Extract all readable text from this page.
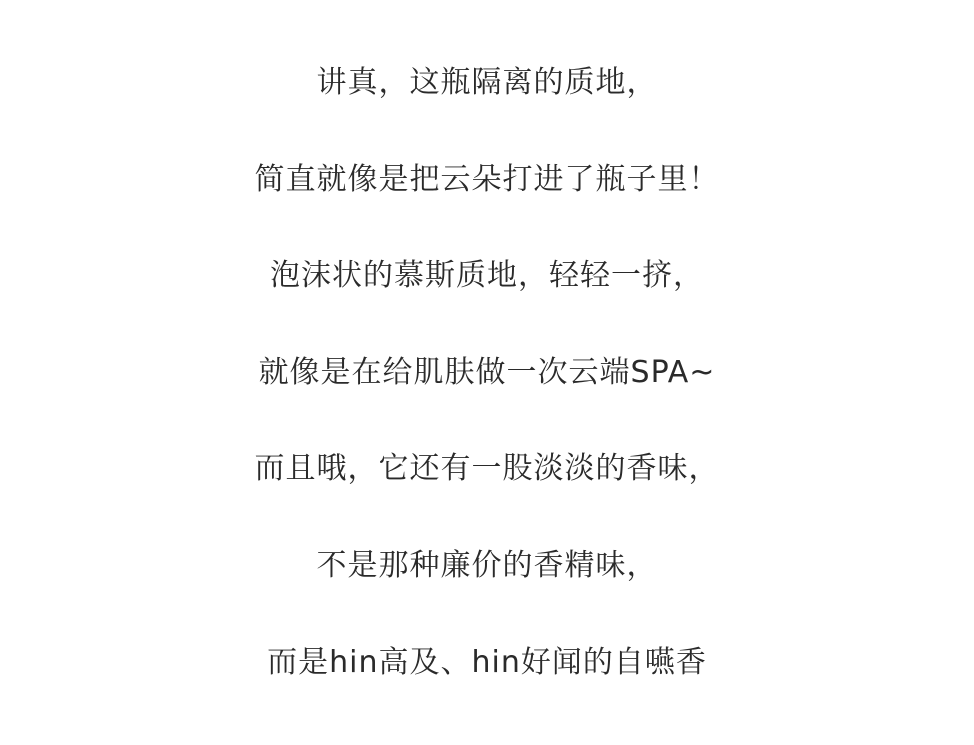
讲真，这瓶隔离的质地，
简直就像是把云朵打进了瓶子里！
泡沫状的慕斯质地，轻轻一挤，
就像是在给肌肤做一次云端SPA~
而且哦，它还有一股淡淡的香味，
不是那种廉价的香精味，
而是hin高及、hin好闻的自嚥香
